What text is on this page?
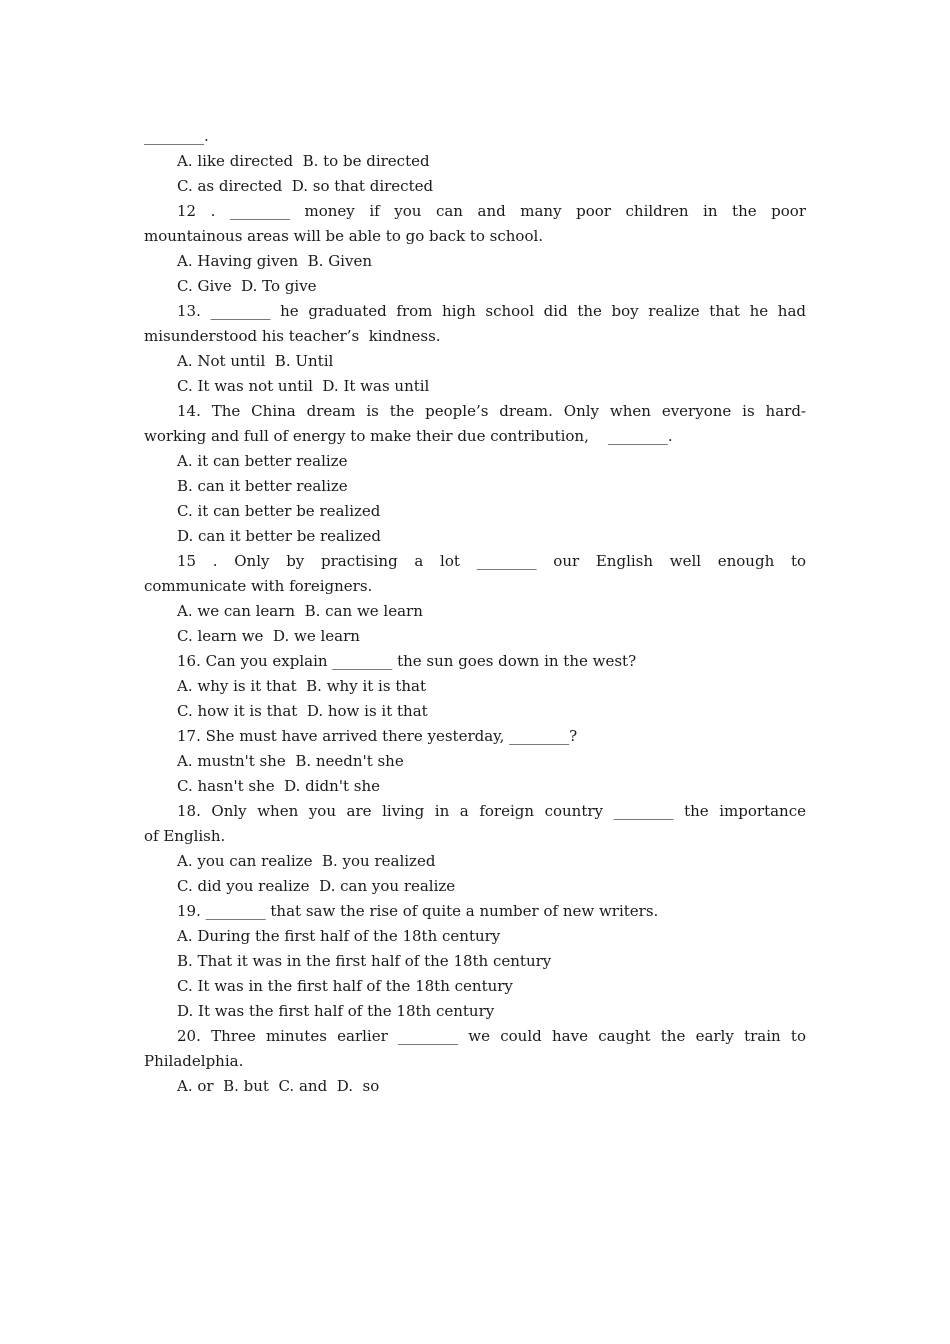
________.
A. like directed  B. to be directed
C. as directed  D. so that directed
12 . ________ money if you can and many poor children in the poor
mountainous areas will be able to go back to school.
A. Having given  B. Given
C. Give  D. To give
13. ________ he graduated from high school did the boy realize that he had
misunderstood his teacher’s  kindness.
A. Not until  B. Until
C. It was not until  D. It was until
14. The China dream is the people’s dream. Only when everyone is hard-
working and full of energy to make their due contribution,    ________.
A. it can better realize
B. can it better realize
C. it can better be realized
D. can it better be realized
15 . Only by practising a lot ________ our English well enough to
communicate with foreigners.
A. we can learn  B. can we learn
C. learn we  D. we learn
16. Can you explain ________ the sun goes down in the west?
A. why is it that  B. why it is that
C. how it is that  D. how is it that
17. She must have arrived there yesterday, ________?
A. mustn't she  B. needn't she
C. hasn't she  D. didn't she
18. Only when you are living in a foreign country ________ the importance
of English.
A. you can realize  B. you realized
C. did you realize  D. can you realize
19. ________ that saw the rise of quite a number of new writers.
A. During the first half of the 18th century
B. That it was in the first half of the 18th century
C. It was in the first half of the 18th century
D. It was the first half of the 18th century
20. Three minutes earlier ________ we could have caught the early train to
Philadelphia.
A. or  B. but  C. and  D.  so
